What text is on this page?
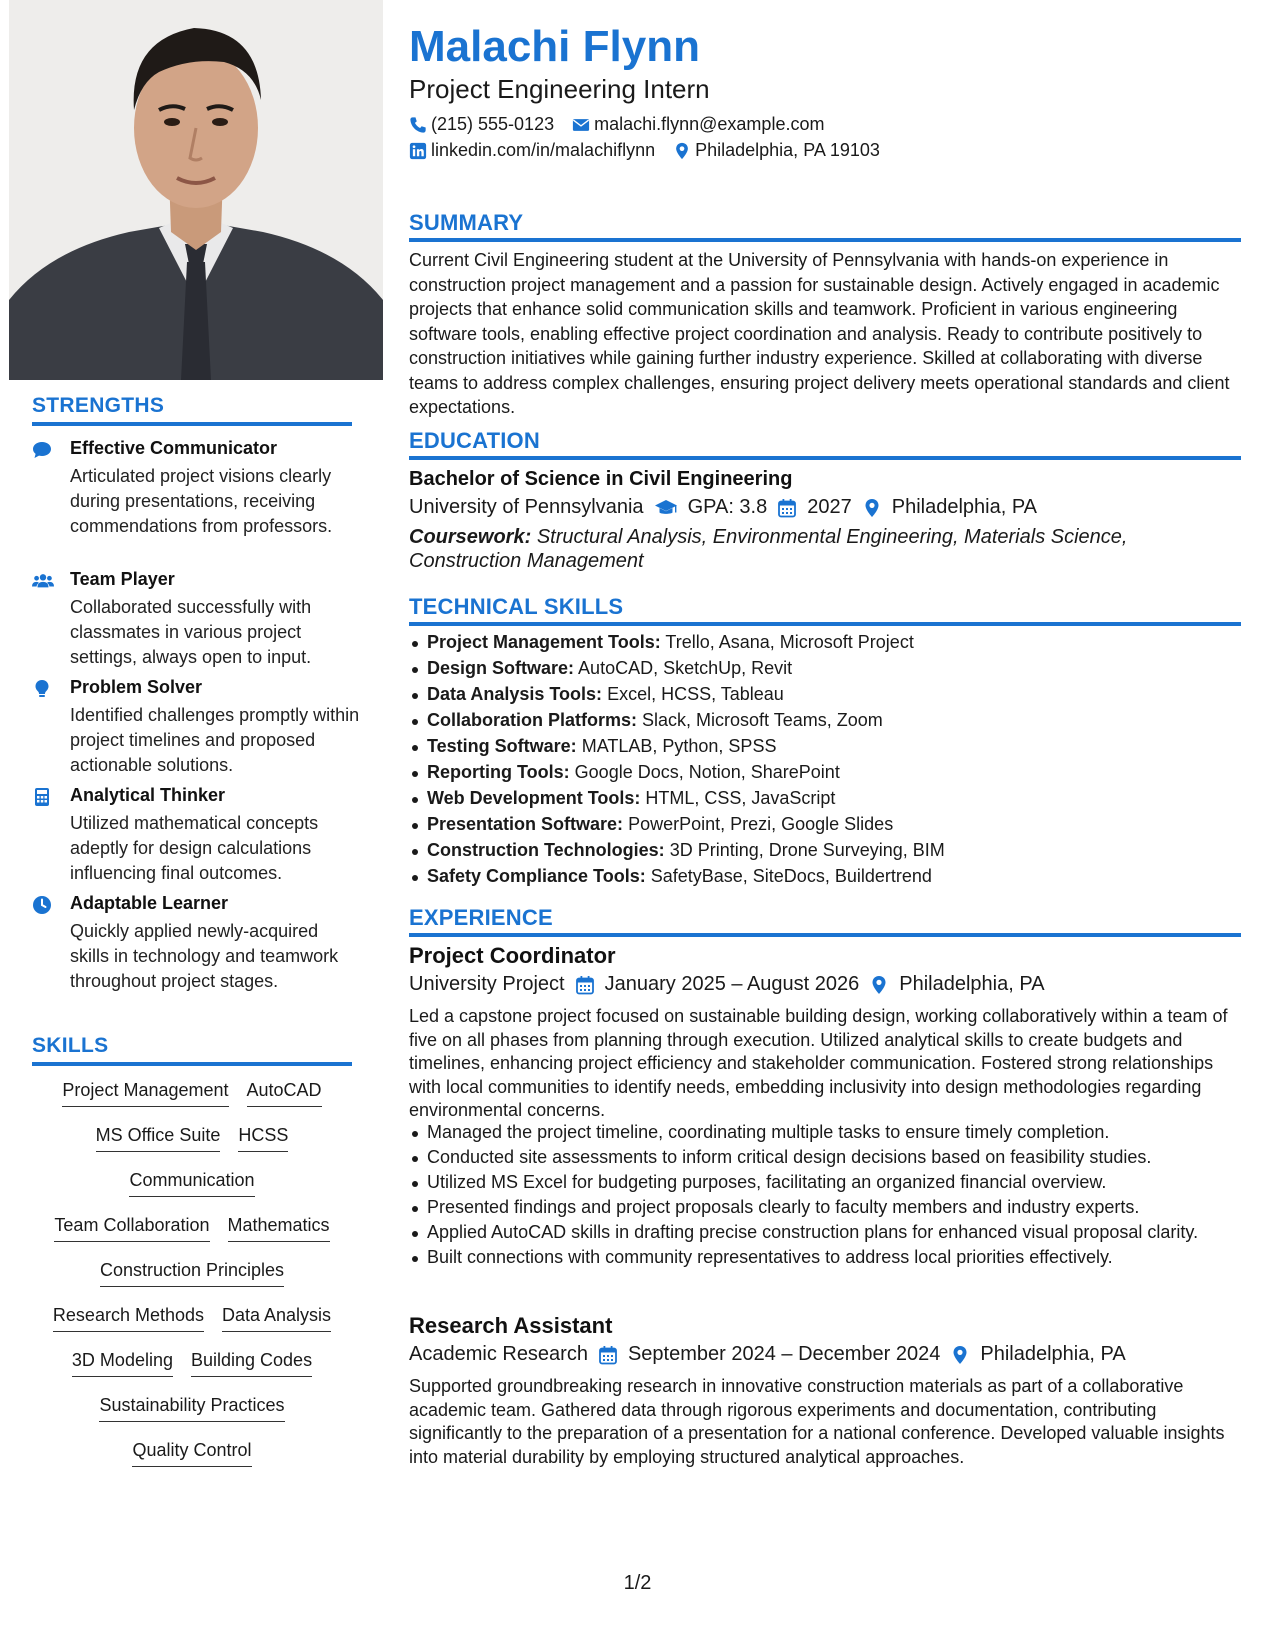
STRENGTHS
Effective Communicator
Articulated project visions clearly during presentations, receiving commendations from professors.
Team Player
Collaborated successfully with classmates in various project settings, always open to input.
Problem Solver
Identified challenges promptly within project timelines and proposed actionable solutions.
Analytical Thinker
Utilized mathematical concepts adeptly for design calculations influencing final outcomes.
Adaptable Learner
Quickly applied newly-acquired skills in technology and teamwork throughout project stages.
SKILLS
Project Management AutoCAD
MS Office Suite HCSS
Communication
Team Collaboration Mathematics
Construction Principles
Research Methods Data Analysis
3D Modeling Building Codes
Sustainability Practices
Quality Control
Malachi Flynn
Project Engineering Intern
(215) 555-0123 malachi.flynn@example.com
linkedin.com/in/malachiflynn Philadelphia, PA 19103
SUMMARY
Current Civil Engineering student at the University of Pennsylvania with hands-on experience in construction project management and a passion for sustainable design. Actively engaged in academic projects that enhance solid communication skills and teamwork. Proficient in various engineering software tools, enabling effective project coordination and analysis. Ready to contribute positively to construction initiatives while gaining further industry experience. Skilled at collaborating with diverse teams to address complex challenges, ensuring project delivery meets operational standards and client expectations.
EDUCATION
Bachelor of Science in Civil Engineering
University of Pennsylvania GPA: 3.8 2027 Philadelphia, PA
Coursework: Structural Analysis, Environmental Engineering, Materials Science, Construction Management
TECHNICAL SKILLS
Project Management Tools: Trello, Asana, Microsoft Project
Design Software: AutoCAD, SketchUp, Revit
Data Analysis Tools: Excel, HCSS, Tableau
Collaboration Platforms: Slack, Microsoft Teams, Zoom
Testing Software: MATLAB, Python, SPSS
Reporting Tools: Google Docs, Notion, SharePoint
Web Development Tools: HTML, CSS, JavaScript
Presentation Software: PowerPoint, Prezi, Google Slides
Construction Technologies: 3D Printing, Drone Surveying, BIM
Safety Compliance Tools: SafetyBase, SiteDocs, Buildertrend
EXPERIENCE
Project Coordinator
University Project January 2025 – August 2026 Philadelphia, PA
Led a capstone project focused on sustainable building design, working collaboratively within a team of five on all phases from planning through execution. Utilized analytical skills to create budgets and timelines, enhancing project efficiency and stakeholder communication. Fostered strong relationships with local communities to identify needs, embedding inclusivity into design methodologies regarding environmental concerns.
Managed the project timeline, coordinating multiple tasks to ensure timely completion.
Conducted site assessments to inform critical design decisions based on feasibility studies.
Utilized MS Excel for budgeting purposes, facilitating an organized financial overview.
Presented findings and project proposals clearly to faculty members and industry experts.
Applied AutoCAD skills in drafting precise construction plans for enhanced visual proposal clarity.
Built connections with community representatives to address local priorities effectively.
Research Assistant
Academic Research September 2024 – December 2024 Philadelphia, PA
Supported groundbreaking research in innovative construction materials as part of a collaborative academic team. Gathered data through rigorous experiments and documentation, contributing significantly to the preparation of a presentation for a national conference. Developed valuable insights into material durability by employing structured analytical approaches.
1/2
